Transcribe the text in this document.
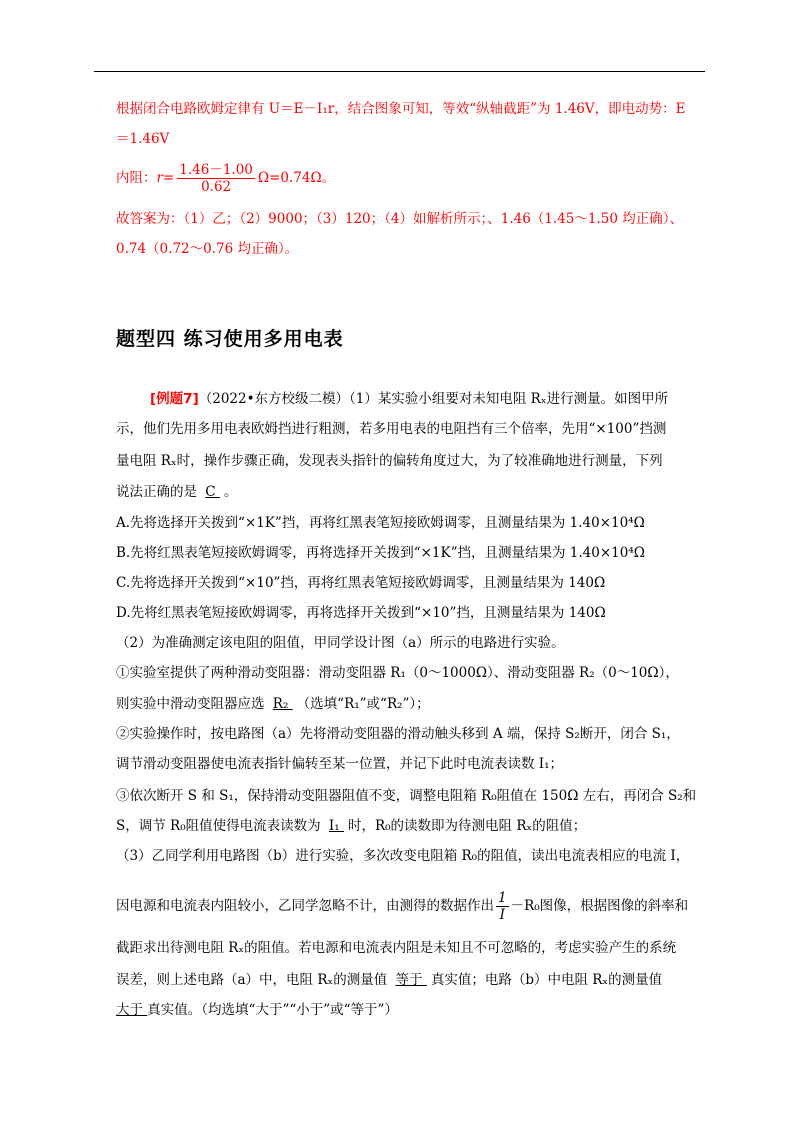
根据闭合电路欧姆定律有 U＝E－I₁r，结合图象可知，等效“纵轴截距”为 1.46V，即电动势：E
＝1.46V
内阻：$r= \frac{1.46-1.00}{0.62} \Omega=0.74\Omega$。
故答案为：（1）乙；（2）9000；（3）120；（4）如解析所示；、1.46（1.45～1.50 均正确）、
0.74（0.72～0.76 均正确）。
题型四 练习使用多用电表
[例题7]（2022•东方校级二模）（1）某实验小组要对未知电阻 Rₓ进行测量。如图甲所
示，他们先用多用电表欧姆挡进行粗测，若多用电表的电阻挡有三个倍率，先用“×100”挡测
量电阻 Rₓ时，操作步骤正确，发现表头指针的偏转角度过大，为了较准确地进行测量，下列
说法正确的是 C 。
A.先将选择开关拨到“×1K”挡，再将红黑表笔短接欧姆调零，且测量结果为 1.40×10⁴Ω
B.先将红黑表笔短接欧姆调零，再将选择开关拨到“×1K”挡，且测量结果为 1.40×10⁴Ω
C.先将选择开关拨到“×10”挡，再将红黑表笔短接欧姆调零，且测量结果为 140Ω
D.先将红黑表笔短接欧姆调零，再将选择开关拨到“×10”挡，且测量结果为 140Ω
（2）为准确测定该电阻的阻值，甲同学设计图（a）所示的电路进行实验。
①实验室提供了两种滑动变阻器：滑动变阻器 R₁（0～1000Ω）、滑动变阻器 R₂（0～10Ω），
则实验中滑动变阻器应选 R₂ （选填“R₁”或“R₂”）；
②实验操作时，按电路图（a）先将滑动变阻器的滑动触头移到 A 端，保持 S₂断开，闭合 S₁，
调节滑动变阻器使电流表指针偏转至某一位置，并记下此时电流表读数 I₁；
③依次断开 S 和 S₁，保持滑动变阻器阻值不变，调整电阻箱 R₀阻值在 150Ω 左右，再闭合 S₂和
S，调节 R₀阻值使得电流表读数为 I₁ 时，R₀的读数即为待测电阻 Rₓ的阻值；
（3）乙同学利用电路图（b）进行实验，多次改变电阻箱 R₀的阻值，读出电流表相应的电流 I，
因电源和电流表内阻较小，乙同学忽略不计，由测得的数据作出 $\frac{1}{I} -R_0$图像，根据图像的斜率和
截距求出待测电阻 Rₓ的阻值。若电源和电流表内阻是未知且不可忽略的，考虑实验产生的系统
误差，则上述电路（a）中，电阻 Rₓ的测量值 等于 真实值；电路（b）中电阻 Rₓ的测量值
大于 真实值。（均选填“大于”“小于”或“等于”）
